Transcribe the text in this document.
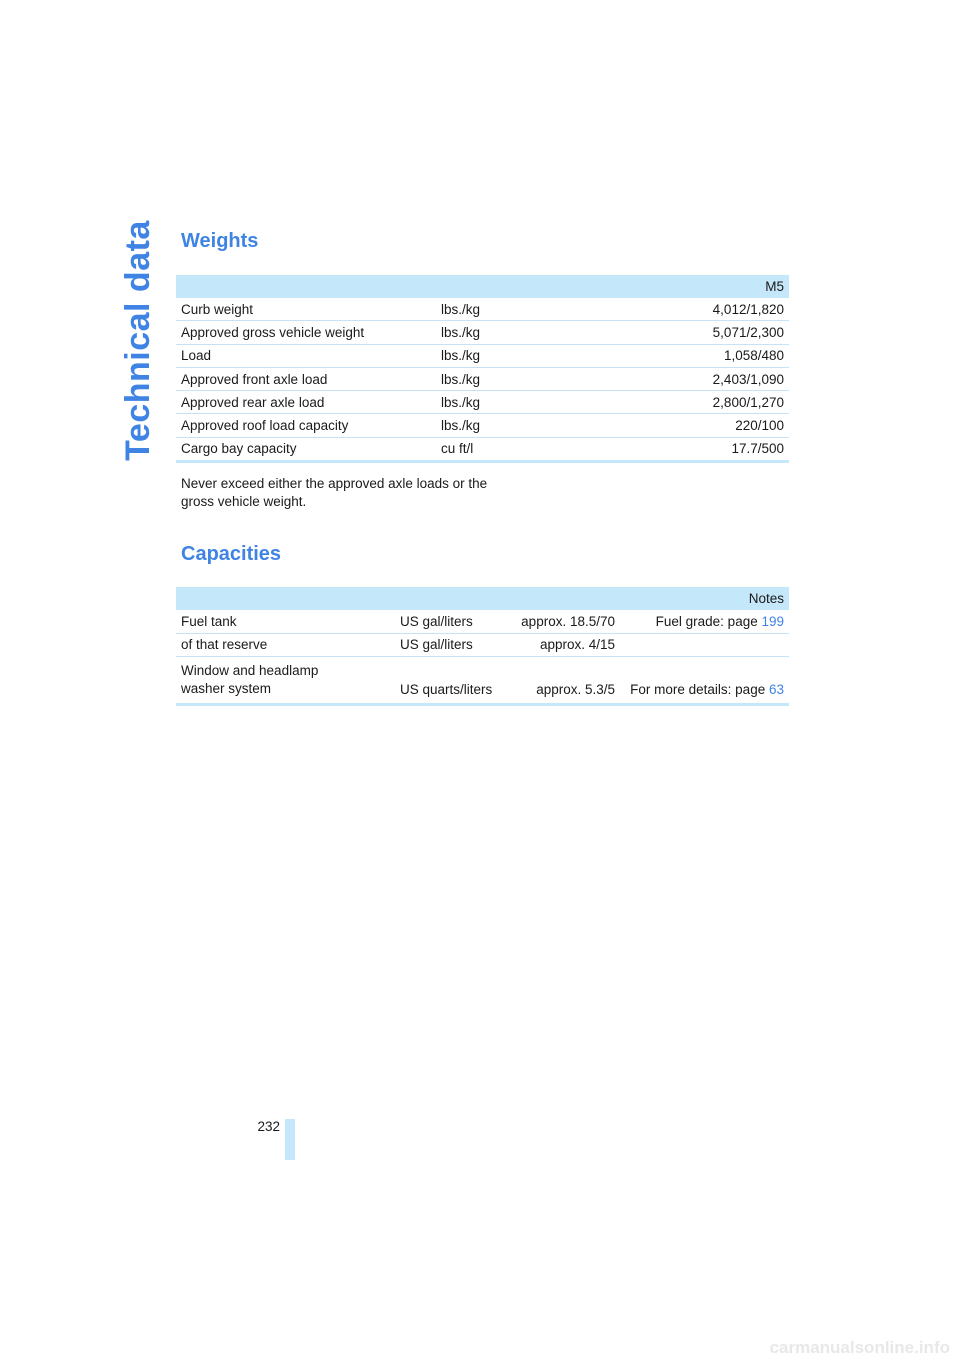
Technical data Weights
		M5
Curb weight	lbs./kg	4,012/1,820
Approved gross vehicle weight	lbs./kg	5,071/2,300
Load	lbs./kg	1,058/480
Approved front axle load	lbs./kg	2,403/1,090
Approved rear axle load	lbs./kg	2,800/1,270
Approved roof load capacity	lbs./kg	220/100
Cargo bay capacity	cu ft/l	17.7/500

Never exceed either the approved axle loads or the gross vehicle weight.

Capacities
			Notes
Fuel tank	US gal/liters	approx. 18.5/70	Fuel grade: page 199
of that reserve	US gal/liters	approx. 4/15	
Window and headlamp
washer system	US quarts/liters	approx. 5.3/5	For more details: page 63
232
carmanualsonline.info
